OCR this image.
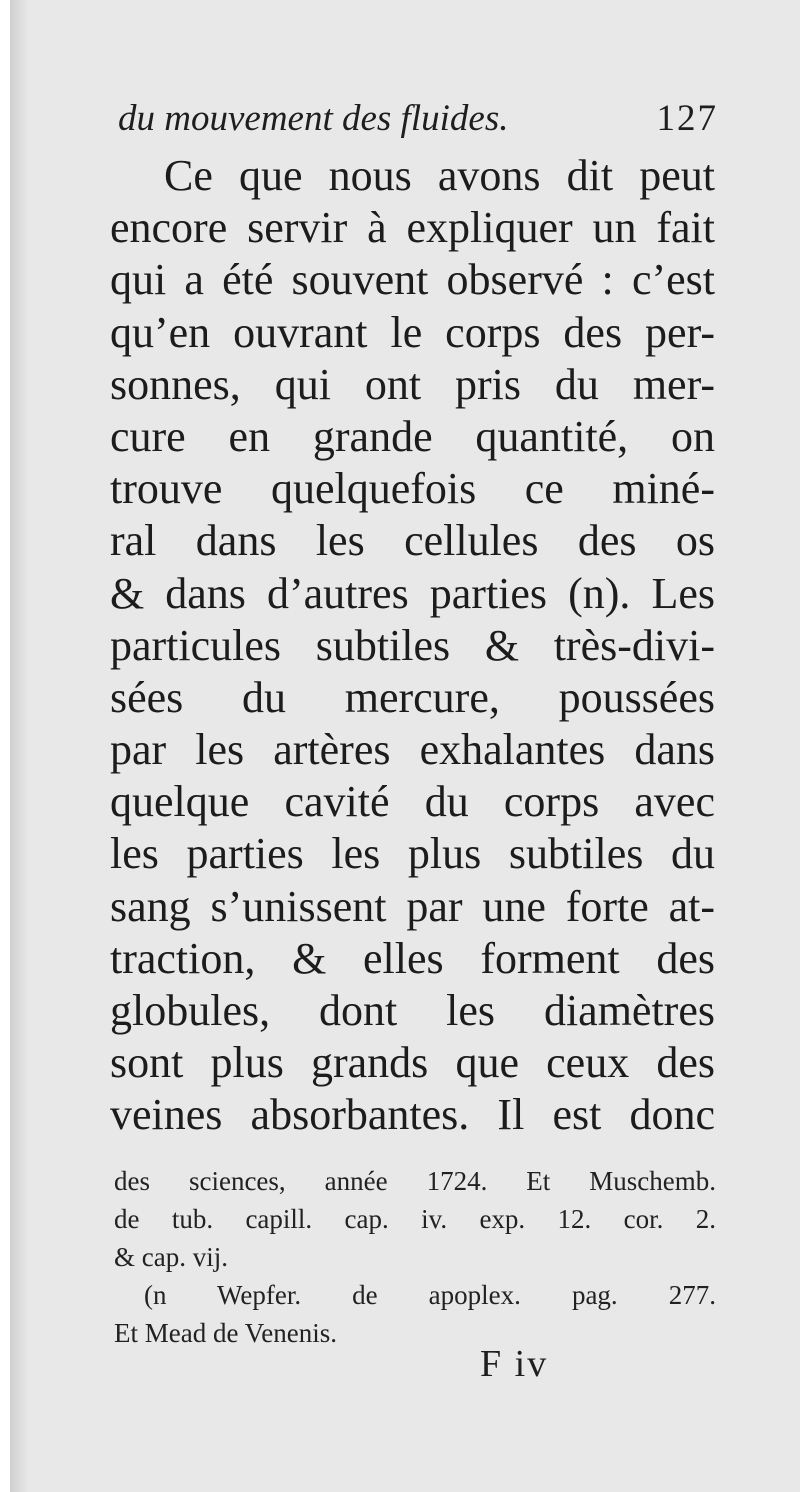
du mouvement des fluides.	127
Ce que nous avons dit peut
encore servir à expliquer un fait
qui a été souvent observé : c’est
qu’en ouvrant le corps des per-
sonnes, qui ont pris du mer-
cure en grande quantité, on
trouve quelquefois ce miné-
ral dans les cellules des os
& dans d’autres parties (n). Les
particules subtiles & très-divi-
sées du mercure, poussées
par les artères exhalantes dans
quelque cavité du corps avec
les parties les plus subtiles du
sang s’unissent par une forte at-
traction, & elles forment des
globules, dont les diamètres
sont plus grands que ceux des
veines absorbantes. Il est donc
des sciences, année 1724. Et Muschemb.
de tub. capill. cap. iv. exp. 12. cor. 2.
& cap. vij.
(n Wepfer. de apoplex. pag. 277.
Et Mead de Venenis.
F iv
